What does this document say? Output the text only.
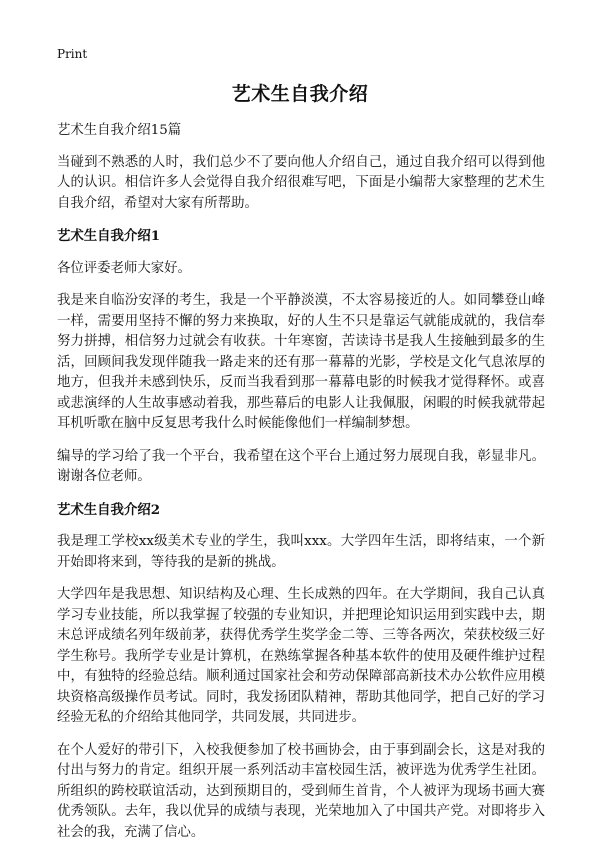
Print
艺术生自我介绍

艺术生自我介绍15篇

当碰到不熟悉的人时，我们总少不了要向他人介绍自己，通过自我介绍可以得到他人的认识。相信许多人会觉得自我介绍很难写吧，下面是小编帮大家整理的艺术生自我介绍，希望对大家有所帮助。

艺术生自我介绍1

各位评委老师大家好。

我是来自临汾安泽的考生，我是一个平静淡漠，不太容易接近的人。如同攀登山峰一样，需要用坚持不懈的努力来换取，好的人生不只是靠运气就能成就的，我信奉努力拼搏，相信努力过就会有收获。十年寒窗，苦读诗书是我人生接触到最多的生活，回顾间我发现伴随我一路走来的还有那一幕幕的光影，学校是文化气息浓厚的地方，但我并未感到快乐，反而当我看到那一幕幕电影的时候我才觉得释怀。或喜或悲演绎的人生故事感动着我，那些幕后的电影人让我佩服，闲暇的时候我就带起耳机听歌在脑中反复思考我什么时候能像他们一样编制梦想。

编导的学习给了我一个平台，我希望在这个平台上通过努力展现自我，彰显非凡。谢谢各位老师。

艺术生自我介绍2

我是理工学校xx级美术专业的学生，我叫xxx。大学四年生活，即将结束，一个新开始即将来到，等待我的是新的挑战。

大学四年是我思想、知识结构及心理、生长成熟的四年。在大学期间，我自己认真学习专业技能，所以我掌握了较强的专业知识，并把理论知识运用到实践中去，期末总评成绩名列年级前茅，获得优秀学生奖学金二等、三等各两次，荣获校级三好学生称号。我所学专业是计算机，在熟练掌握各种基本软件的使用及硬件维护过程中，有独特的经验总结。顺利通过国家社会和劳动保障部高新技术办公软件应用模块资格高级操作员考试。同时，我发扬团队精神，帮助其他同学，把自己好的学习经验无私的介绍给其他同学，共同发展，共同进步。

在个人爱好的带引下，入校我便参加了校书画协会，由于事到副会长，这是对我的付出与努力的肯定。组织开展一系列活动丰富校园生活，被评选为优秀学生社团。所组织的跨校联谊活动，达到预期目的，受到师生首肯，个人被评为现场书画大赛优秀领队。去年，我以优异的成绩与表现，光荣地加入了中国共产党。对即将步入社会的我，充满了信心。
